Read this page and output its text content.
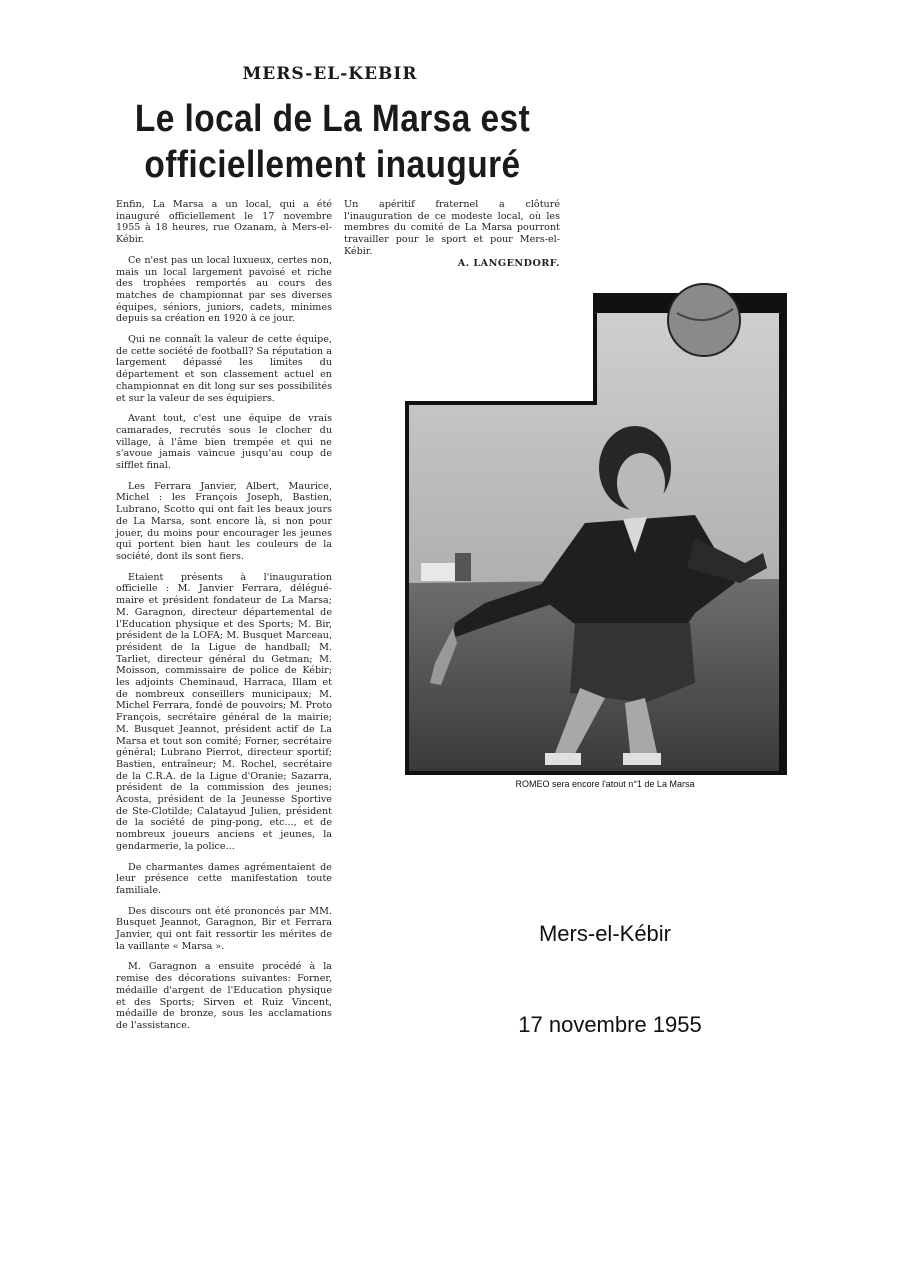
MERS-EL-KEBIR
Le local de La Marsa est officiellement inauguré

Enfin, La Marsa a un local, qui a été inauguré officiellement le 17 novembre 1955 à 18 heures, rue Ozanam, à Mers-el-Kébir.

Ce n'est pas un local luxueux, certes non, mais un local largement pavoisé et riche des trophées remportés au cours des matches de championnat par ses diverses équipes, séniors, juniors, cadets, minimes depuis sa création en 1920 à ce jour.

Qui ne connaît la valeur de cette équipe, de cette société de football? Sa réputation a largement dépassé les limites du département et son classement actuel en championnat en dit long sur ses possibilités et sur la valeur de ses équipiers.

Avant tout, c'est une équipe de vrais camarades, recrutés sous le clocher du village, à l'âme bien trempée et qui ne s'avoue jamais vaincue jusqu'au coup de sifflet final.

Les Ferrara Janvier, Albert, Maurice, Michel : les François Joseph, Bastien, Lubrano, Scotto qui ont fait les beaux jours de La Marsa, sont encore là, si non pour jouer, du moins pour encourager les jeunes qui portent bien haut les couleurs de la société, dont ils sont fiers.

Etaient présents à l'inauguration officielle : M. Janvier Ferrara, délégué-maire et président fondateur de La Marsa; M. Garagnon, directeur départemental de l'Education physique et des Sports; M. Bir, président de la LOFA; M. Busquet Marceau, président de la Ligue de handball; M. Tarliet, directeur général du Getman; M. Moisson, commissaire de police de Kébir; les adjoints Cheminaud, Harraca, Illam et de nombreux conseillers municipaux; M. Michel Ferrara, fondé de pouvoirs; M. Proto François, secrétaire général de la mairie; M. Busquet Jeannot, président actif de La Marsa et tout son comité; Forner, secrétaire général; Lubrano Pierrot, directeur sportif; Bastien, entraîneur; M. Rochel, secrétaire de la C.R.A. de la Ligue d'Oranie; Sazarra, président de la commission des jeunes; Acosta, président de la Jeunesse Sportive de Ste-Clotilde; Calatayud Julien, président de la société de ping-pong, etc..., et de nombreux joueurs anciens et jeunes, la gendarmerie, la police...

De charmantes dames agrémentaient de leur présence cette manifestation toute familiale.

Des discours ont été prononcés par MM. Busquet Jeannot, Garagnon, Bir et Ferrara Janvier, qui ont fait ressortir les mérites de la vaillante « Marsa ».

M. Garagnon a ensuite procédé à la remise des décorations suivantes: Forner, médaille d'argent de l'Education physique et des Sports; Sirven et Ruiz Vincent, médaille de bronze, sous les acclamations de l'assistance.

Un apéritif fraternel a clôturé l'inauguration de ce modeste local, où les membres du comité de La Marsa pourront travailler pour le sport et pour Mers-el-Kébir.

A. LANGENDORF.
ROMEO sera encore l'atout n°1 de La Marsa
Mers-el-Kébir
17 novembre 1955
